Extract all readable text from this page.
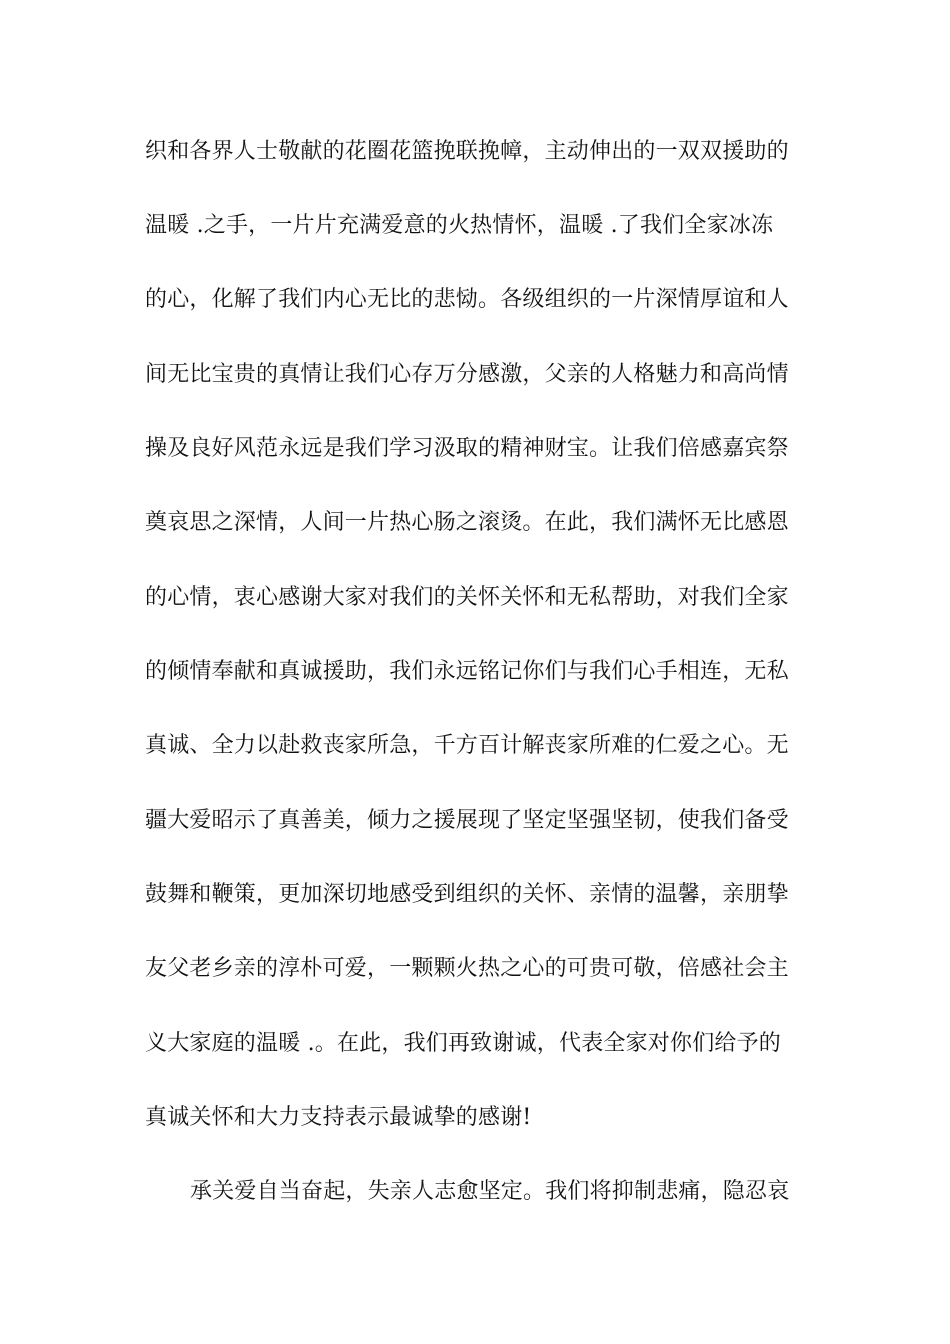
织和各界人士敬献的花圈花篮挽联挽幛，主动伸出的一双双援助的
温暖 .之手，一片片充满爱意的火热情怀，温暖 .了我们全家冰冻
的心，化解了我们内心无比的悲恸。各级组织的一片深情厚谊和人
间无比宝贵的真情让我们心存万分感激，父亲的人格魅力和高尚情
操及良好风范永远是我们学习汲取的精神财宝。让我们倍感嘉宾祭
奠哀思之深情，人间一片热心肠之滚烫。在此，我们满怀无比感恩
的心情，衷心感谢大家对我们的关怀关怀和无私帮助，对我们全家
的倾情奉献和真诚援助，我们永远铭记你们与我们心手相连，无私
真诚、全力以赴救丧家所急，千方百计解丧家所难的仁爱之心。无
疆大爱昭示了真善美，倾力之援展现了坚定坚强坚韧，使我们备受
鼓舞和鞭策，更加深切地感受到组织的关怀、亲情的温馨，亲朋挚
友父老乡亲的淳朴可爱，一颗颗火热之心的可贵可敬，倍感社会主
义大家庭的温暖 .。在此，我们再致谢诚，代表全家对你们给予的
真诚关怀和大力支持表示最诚挚的感谢!
承关爱自当奋起，失亲人志愈坚定。我们将抑制悲痛，隐忍哀
